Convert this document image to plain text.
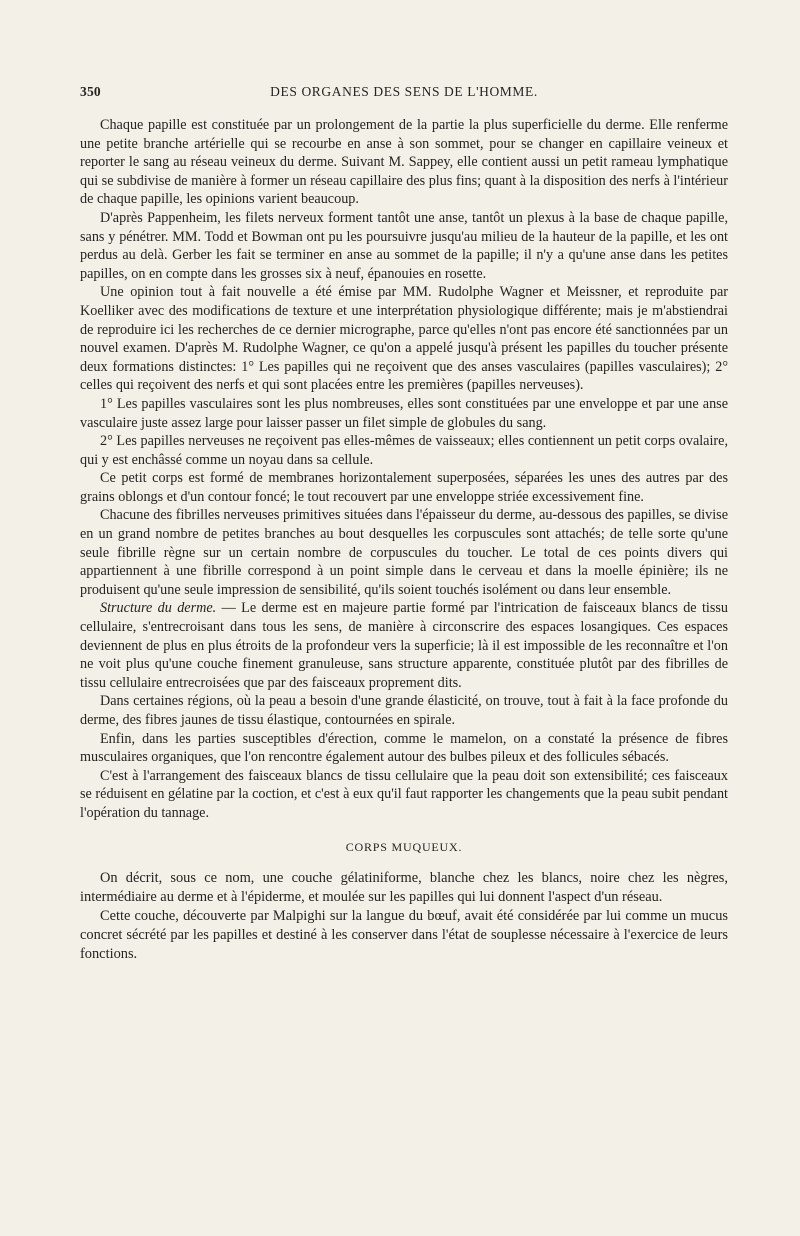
350	DES ORGANES DES SENS DE L'HOMME.

Chaque papille est constituée par un prolongement de la partie la plus superficielle du derme. Elle renferme une petite branche artérielle qui se recourbe en anse à son sommet, pour se changer en capillaire veineux et reporter le sang au réseau veineux du derme. Suivant M. Sappey, elle contient aussi un petit rameau lymphatique qui se subdivise de manière à former un réseau capillaire des plus fins; quant à la disposition des nerfs à l'intérieur de chaque papille, les opinions varient beaucoup.

D'après Pappenheim, les filets nerveux forment tantôt une anse, tantôt un plexus à la base de chaque papille, sans y pénétrer. MM. Todd et Bowman ont pu les poursuivre jusqu'au milieu de la hauteur de la papille, et les ont perdus au delà. Gerber les fait se terminer en anse au sommet de la papille; il n'y a qu'une anse dans les petites papilles, on en compte dans les grosses six à neuf, épanouies en rosette.

Une opinion tout à fait nouvelle a été émise par MM. Rudolphe Wagner et Meissner, et reproduite par Koelliker avec des modifications de texture et une interprétation physiologique différente; mais je m'abstiendrai de reproduire ici les recherches de ce dernier micrographe, parce qu'elles n'ont pas encore été sanctionnées par un nouvel examen. D'après M. Rudolphe Wagner, ce qu'on a appelé jusqu'à présent les papilles du toucher présente deux formations distinctes: 1° Les papilles qui ne reçoivent que des anses vasculaires (papilles vasculaires); 2° celles qui reçoivent des nerfs et qui sont placées entre les premières (papilles nerveuses).

1° Les papilles vasculaires sont les plus nombreuses, elles sont constituées par une enveloppe et par une anse vasculaire juste assez large pour laisser passer un filet simple de globules du sang.

2° Les papilles nerveuses ne reçoivent pas elles-mêmes de vaisseaux; elles contiennent un petit corps ovalaire, qui y est enchâssé comme un noyau dans sa cellule.

Ce petit corps est formé de membranes horizontalement superposées, séparées les unes des autres par des grains oblongs et d'un contour foncé; le tout recouvert par une enveloppe striée excessivement fine.

Chacune des fibrilles nerveuses primitives situées dans l'épaisseur du derme, au-dessous des papilles, se divise en un grand nombre de petites branches au bout desquelles les corpuscules sont attachés; de telle sorte qu'une seule fibrille règne sur un certain nombre de corpuscules du toucher. Le total de ces points divers qui appartiennent à une fibrille correspond à un point simple dans le cerveau et dans la moelle épinière; ils ne produisent qu'une seule impression de sensibilité, qu'ils soient touchés isolément ou dans leur ensemble.

Structure du derme. — Le derme est en majeure partie formé par l'intrication de faisceaux blancs de tissu cellulaire, s'entrecroisant dans tous les sens, de manière à circonscrire des espaces losangiques. Ces espaces deviennent de plus en plus étroits de la profondeur vers la superficie; là il est impossible de les reconnaître et l'on ne voit plus qu'une couche finement granuleuse, sans structure apparente, constituée plutôt par des fibrilles de tissu cellulaire entrecroisées que par des faisceaux proprement dits.

Dans certaines régions, où la peau a besoin d'une grande élasticité, on trouve, tout à fait à la face profonde du derme, des fibres jaunes de tissu élastique, contournées en spirale.

Enfin, dans les parties susceptibles d'érection, comme le mamelon, on a constaté la présence de fibres musculaires organiques, que l'on rencontre également autour des bulbes pileux et des follicules sébacés.

C'est à l'arrangement des faisceaux blancs de tissu cellulaire que la peau doit son extensibilité; ces faisceaux se réduisent en gélatine par la coction, et c'est à eux qu'il faut rapporter les changements que la peau subit pendant l'opération du tannage.

CORPS MUQUEUX.

On décrit, sous ce nom, une couche gélatiniforme, blanche chez les blancs, noire chez les nègres, intermédiaire au derme et à l'épiderme, et moulée sur les papilles qui lui donnent l'aspect d'un réseau.

Cette couche, découverte par Malpighi sur la langue du bœuf, avait été considérée par lui comme un mucus concret sécrété par les papilles et destiné à les conserver dans l'état de souplesse nécessaire à l'exercice de leurs fonctions.
